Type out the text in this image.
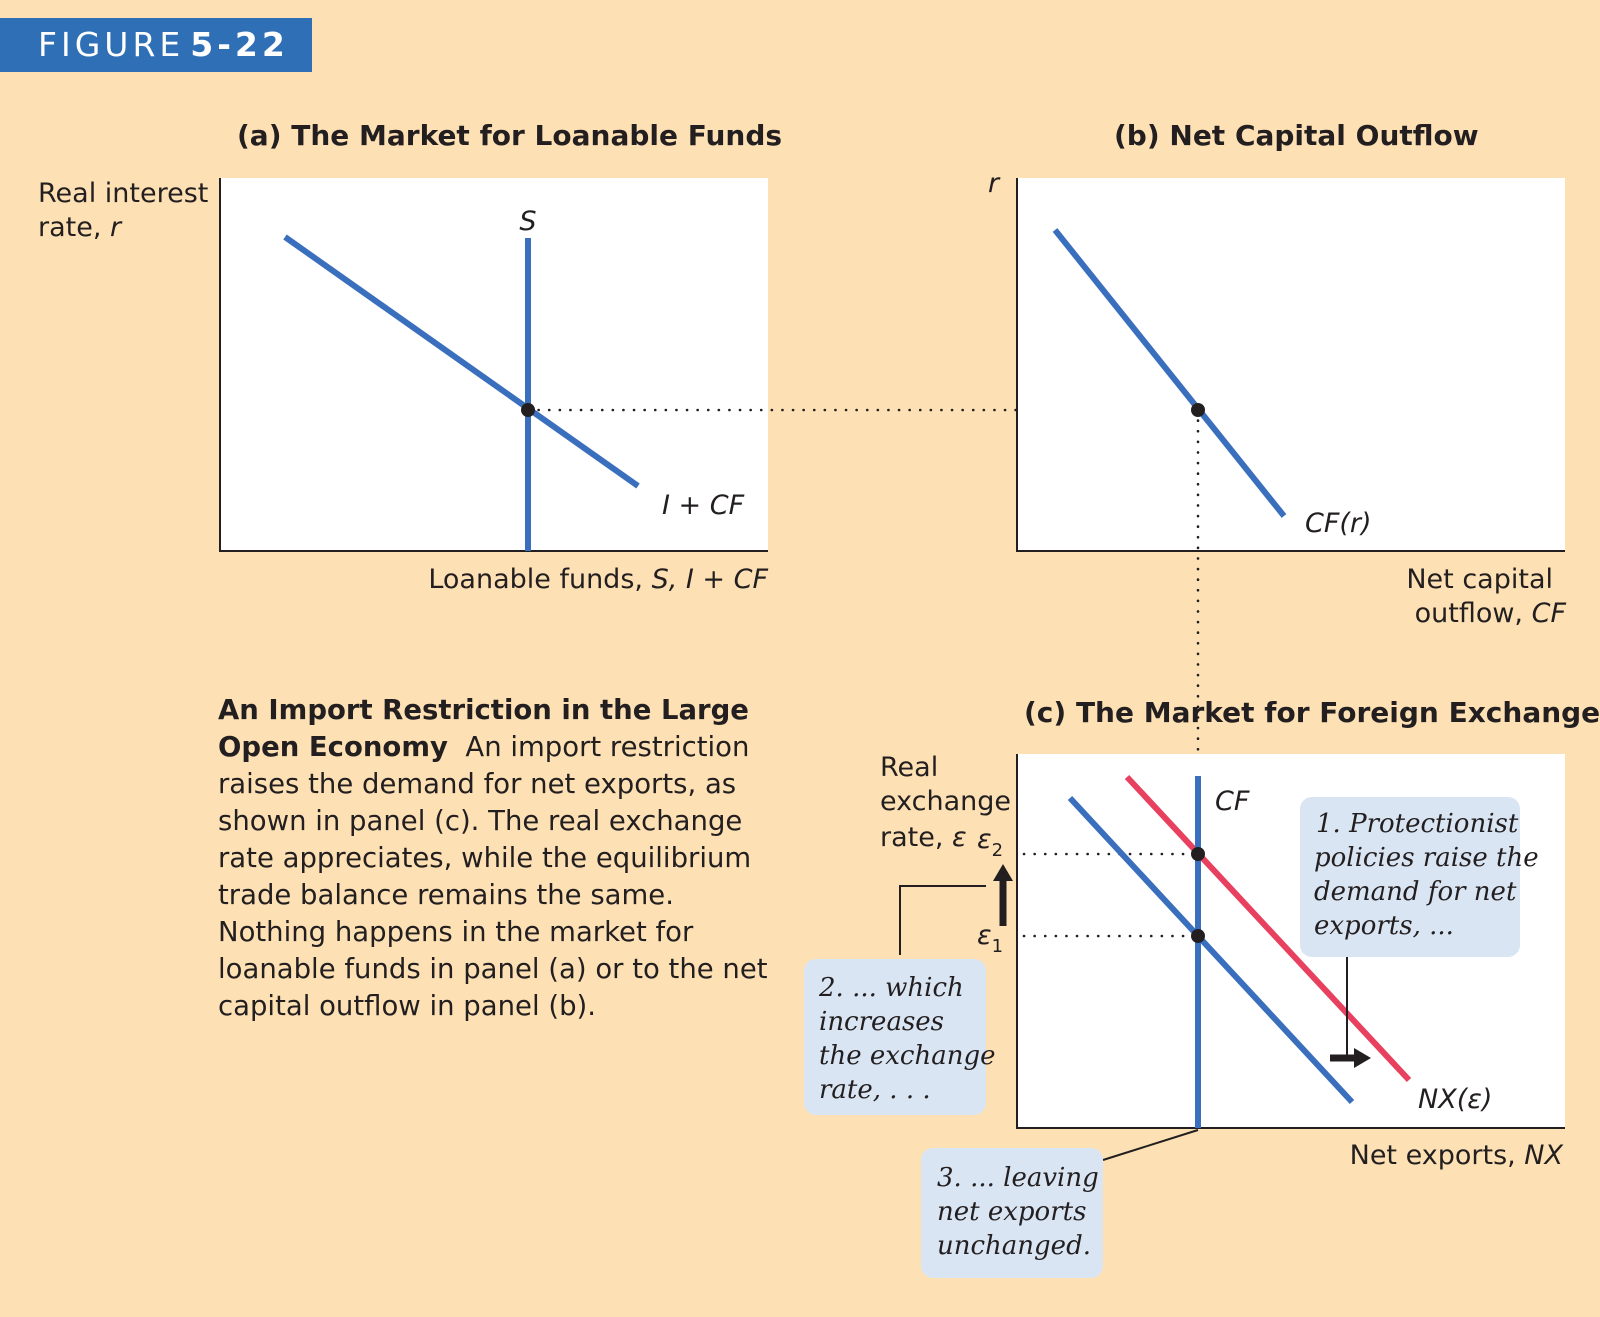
FIGURE 5-22
(a) The Market for Loanable Funds
Real interest
rate, r
Loanable funds, S, I + CF
S
I + CF
(b) Net Capital Outflow
r
Net capital
outflow, CF
CF(r)
(c) The Market for Foreign Exchange
Real
exchange
rate, ε
Net exports, NX
$\varepsilon_2$
$\varepsilon_1$
CF
NX(ε)
1. Protectionist
policies raise the
demand for net
exports, ...
2. ... which
increases
the exchange
rate, . . .
3. ... leaving
net exports
unchanged.
An Import Restriction in the Large Open Economy An import restriction raises the demand for net exports, as shown in panel (c). The real exchange rate appreciates, while the equilibrium trade balance remains the same. Nothing happens in the market for loanable funds in panel (a) or to the net capital outflow in panel (b).
